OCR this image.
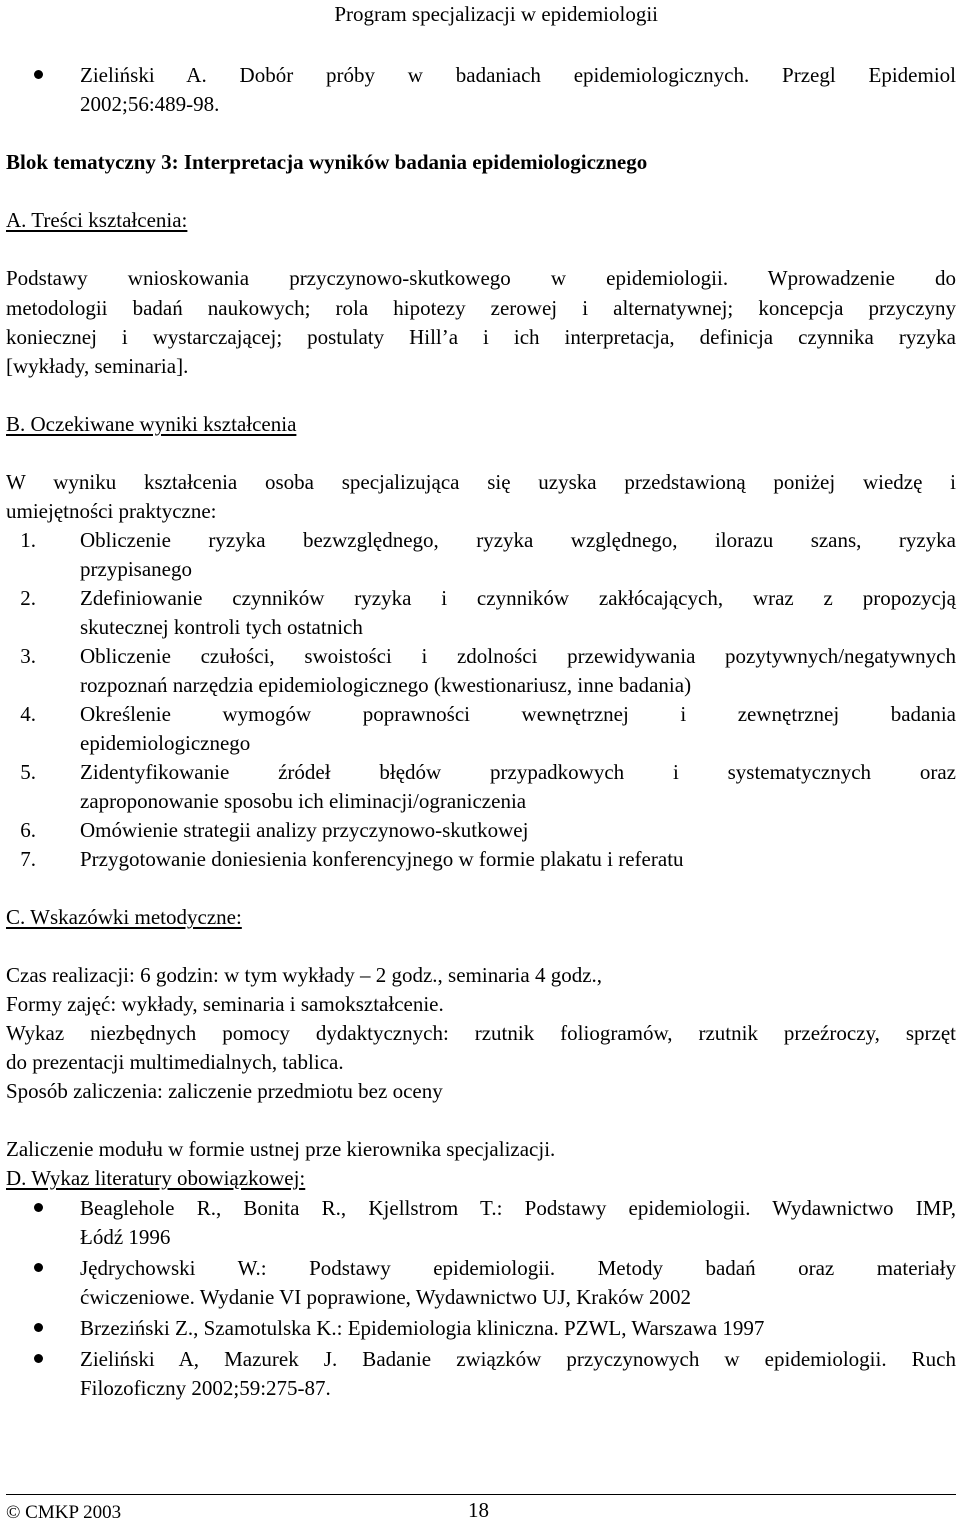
Program specjalizacji w epidemiologii
Zieliński A. Dobór próby w badaniach epidemiologicznych. Przegl Epidemiol
2002;56:489-98.
Blok tematyczny 3: Interpretacja wyników badania epidemiologicznego
A. Treści kształcenia:
Podstawy wnioskowania przyczynowo-skutkowego w epidemiologii. Wprowadzenie do
metodologii badań naukowych; rola hipotezy zerowej i alternatywnej; koncepcja przyczyny
koniecznej i wystarczającej; postulaty Hill’a i ich interpretacja, definicja czynnika ryzyka
[wykłady, seminaria].
B. Oczekiwane wyniki kształcenia
W wyniku kształcenia osoba specjalizująca się uzyska przedstawioną poniżej wiedzę i
umiejętności praktyczne:
1. Obliczenie ryzyka bezwzględnego, ryzyka względnego, ilorazu szans, ryzyka
przypisanego
2. Zdefiniowanie czynników ryzyka i czynników zakłócających, wraz z propozycją
skutecznej kontroli tych ostatnich
3. Obliczenie czułości, swoistości i zdolności przewidywania pozytywnych/negatywnych
rozpoznań narzędzia epidemiologicznego (kwestionariusz, inne badania)
4. Określenie wymogów poprawności wewnętrznej i zewnętrznej badania
epidemiologicznego
5. Zidentyfikowanie źródeł błędów przypadkowych i systematycznych oraz
zaproponowanie sposobu ich eliminacji/ograniczenia
6. Omówienie strategii analizy przyczynowo-skutkowej
7. Przygotowanie doniesienia konferencyjnego w formie plakatu i referatu
C. Wskazówki metodyczne:
Czas realizacji: 6 godzin: w tym wykłady – 2 godz., seminaria 4 godz.,
Formy zajęć: wykłady, seminaria i samokształcenie.
Wykaz niezbędnych pomocy dydaktycznych: rzutnik foliogramów, rzutnik przeźroczy, sprzęt
do prezentacji multimedialnych, tablica.
Sposób zaliczenia: zaliczenie przedmiotu bez oceny
Zaliczenie modułu w formie ustnej prze kierownika specjalizacji.
D. Wykaz literatury obowiązkowej:
Beaglehole R., Bonita R., Kjellstrom T.: Podstawy epidemiologii. Wydawnictwo IMP,
Łódź 1996
Jędrychowski W.: Podstawy epidemiologii. Metody badań oraz materiały
ćwiczeniowe. Wydanie VI poprawione, Wydawnictwo UJ, Kraków 2002
Brzeziński Z., Szamotulska K.: Epidemiologia kliniczna. PZWL, Warszawa 1997
Zieliński A, Mazurek J. Badanie związków przyczynowych w epidemiologii. Ruch
Filozoficzny 2002;59:275-87.
© CMKP 2003	18
